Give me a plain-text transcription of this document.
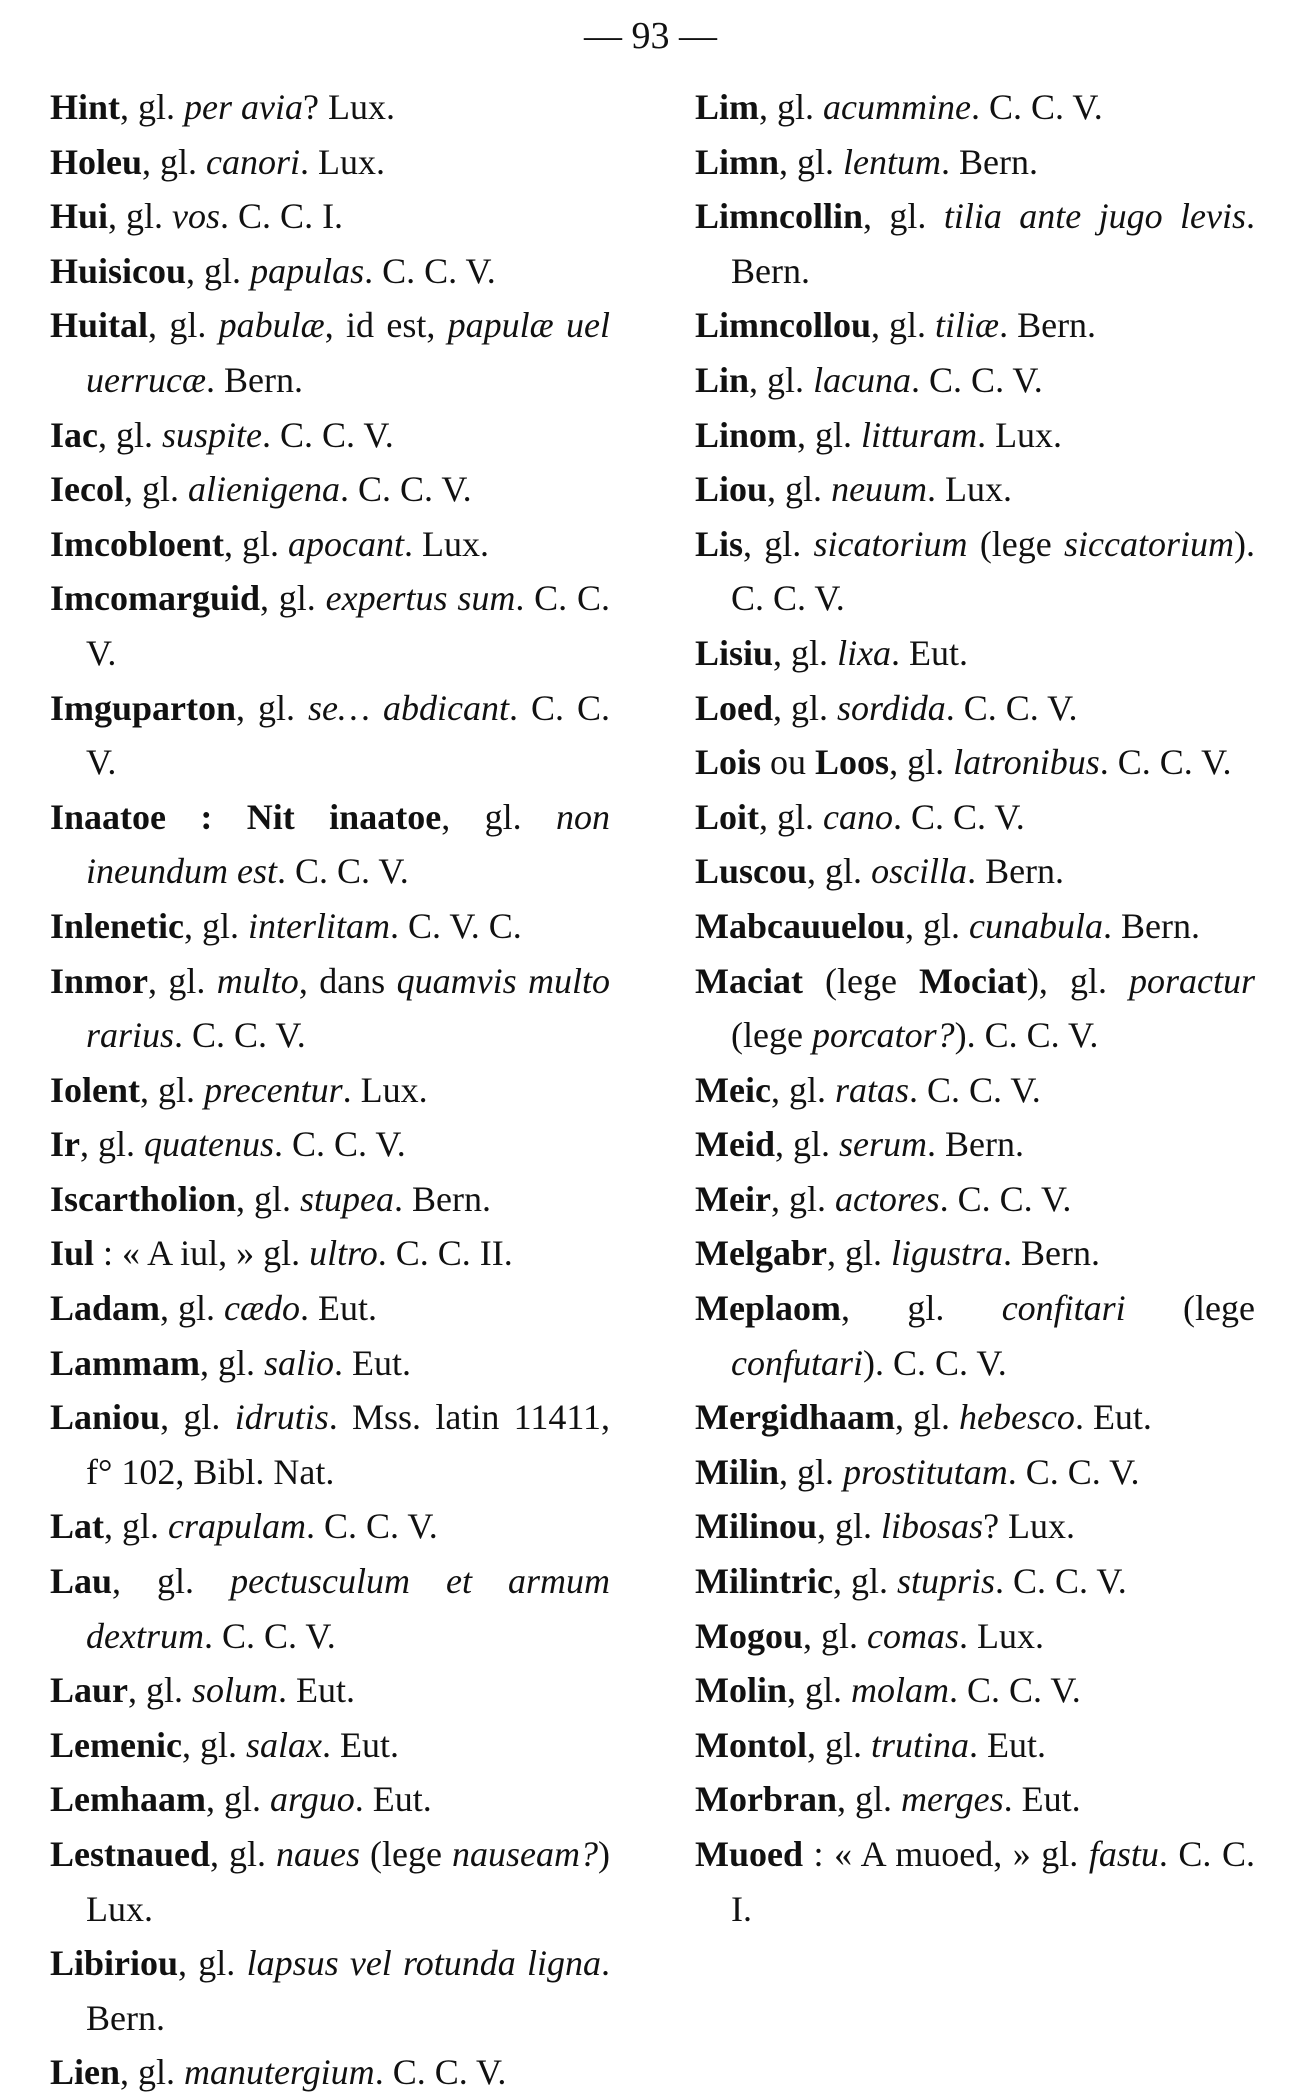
— 93 —
Hint, gl. per avia? Lux.
Holeu, gl. canori. Lux.
Hui, gl. vos. C. C. I.
Huisicou, gl. papulas. C. C. V.
Huital, gl. pabulæ, id est, papulæ uel uerrucæ. Bern.
Iac, gl. suspite. C. C. V.
Iecol, gl. alienigena. C. C. V.
Imcobloent, gl. apocant. Lux.
Imcomarguid, gl. expertus sum. C. C. V.
Imguparton, gl. se… abdicant. C. C. V.
Inaatoe : Nit inaatoe, gl. non ineundum est. C. C. V.
Inlenetic, gl. interlitam. C. V. C.
Inmor, gl. multo, dans quamvis multo rarius. C. C. V.
Iolent, gl. precentur. Lux.
Ir, gl. quatenus. C. C. V.
Iscartholion, gl. stupea. Bern.
Iul : « A iul, » gl. ultro. C. C. II.
Ladam, gl. cædo. Eut.
Lammam, gl. salio. Eut.
Laniou, gl. idrutis. Mss. latin 11411, f° 102, Bibl. Nat.
Lat, gl. crapulam. C. C. V.
Lau, gl. pectusculum et armum dextrum. C. C. V.
Laur, gl. solum. Eut.
Lemenic, gl. salax. Eut.
Lemhaam, gl. arguo. Eut.
Lestnaued, gl. naues (lege nauseam?) Lux.
Libiriou, gl. lapsus vel rotunda ligna. Bern.
Lien, gl. manutergium. C. C. V.
Lim, gl. acummine. C. C. V.
Limn, gl. lentum. Bern.
Limncollin, gl. tilia ante jugo levis. Bern.
Limncollou, gl. tiliæ. Bern.
Lin, gl. lacuna. C. C. V.
Linom, gl. litturam. Lux.
Liou, gl. neuum. Lux.
Lis, gl. sicatorium (lege siccatorium). C. C. V.
Lisiu, gl. lixa. Eut.
Loed, gl. sordida. C. C. V.
Lois ou Loos, gl. latronibus. C. C. V.
Loit, gl. cano. C. C. V.
Luscou, gl. oscilla. Bern.
Mabcauuelou, gl. cunabula. Bern.
Maciat (lege Mociat), gl. poractur (lege porcator?). C. C. V.
Meic, gl. ratas. C. C. V.
Meid, gl. serum. Bern.
Meir, gl. actores. C. C. V.
Melgabr, gl. ligustra. Bern.
Meplaom, gl. confitari (lege confutari). C. C. V.
Mergidhaam, gl. hebesco. Eut.
Milin, gl. prostitutam. C. C. V.
Milinou, gl. libosas? Lux.
Milintric, gl. stupris. C. C. V.
Mogou, gl. comas. Lux.
Molin, gl. molam. C. C. V.
Montol, gl. trutina. Eut.
Morbran, gl. merges. Eut.
Muoed : « A muoed, » gl. fastu. C. C. I.
